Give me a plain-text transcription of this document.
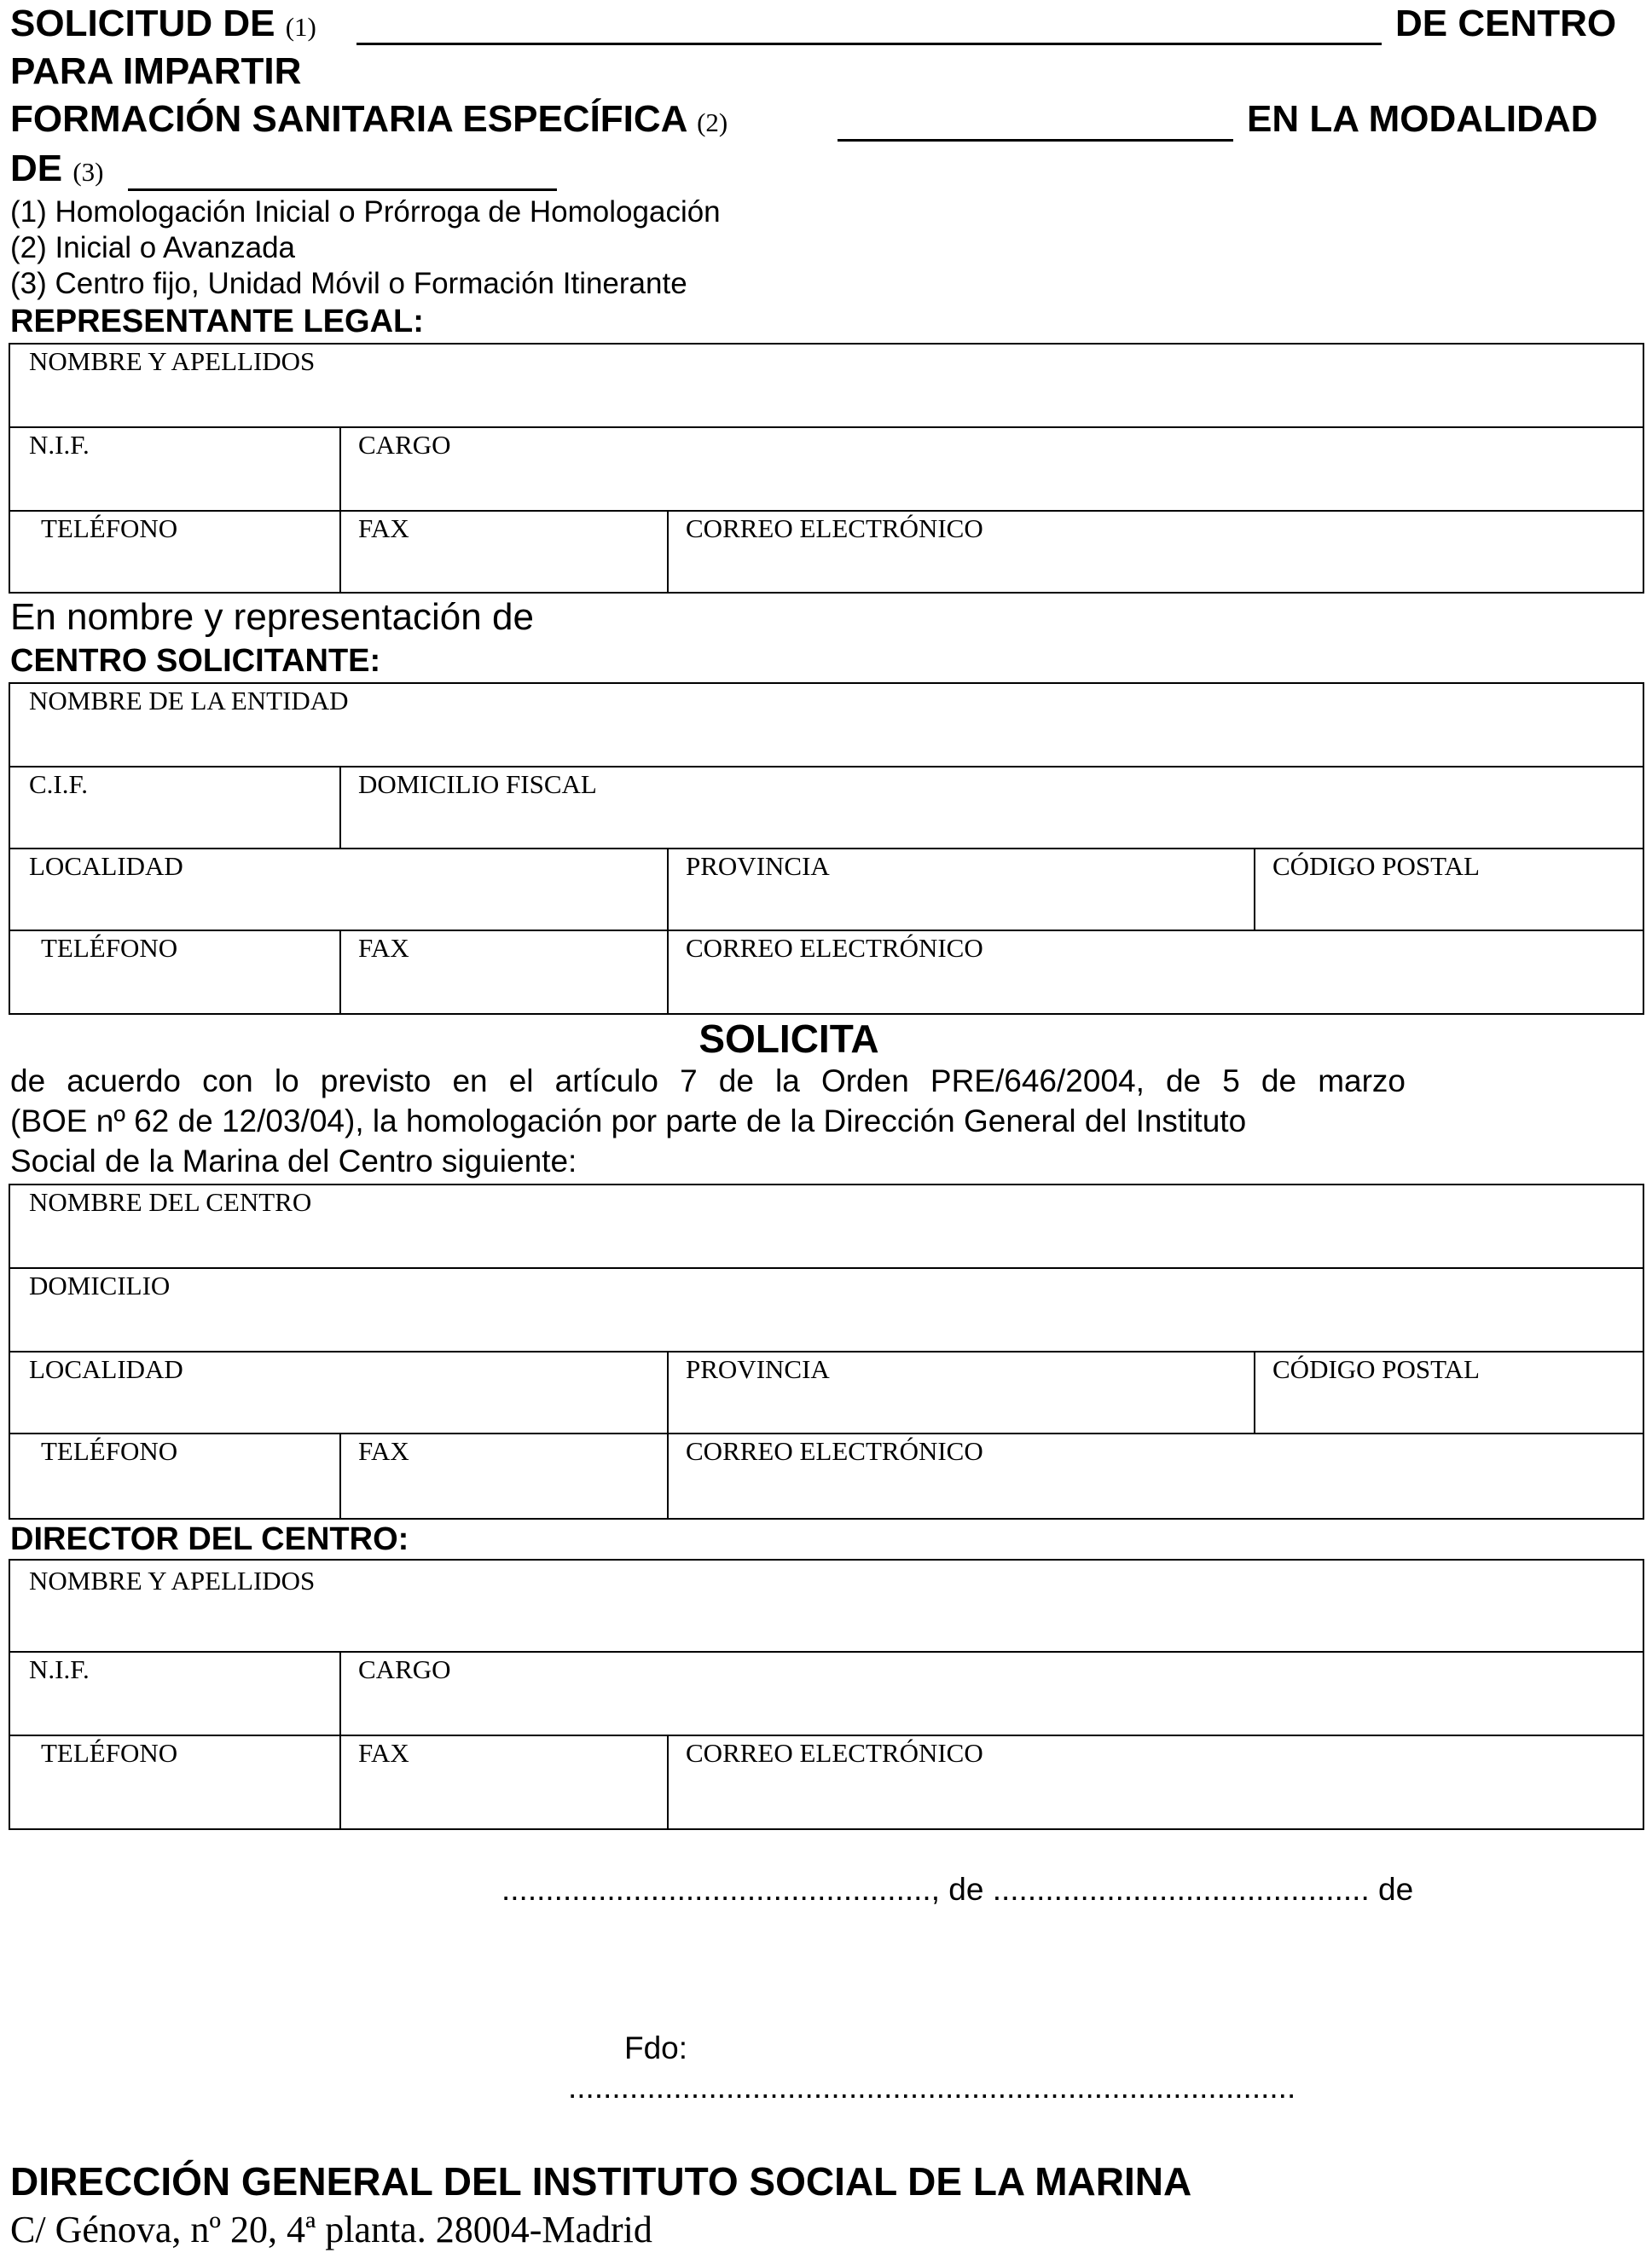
SOLICITUD DE (1)	DE CENTRO
PARA IMPARTIR
FORMACIÓN SANITARIA ESPECÍFICA (2)	EN LA MODALIDAD
DE (3)
(1) Homologación Inicial o Prórroga de Homologación
(2) Inicial o Avanzada
(3) Centro fijo, Unidad Móvil o Formación Itinerante
REPRESENTANTE LEGAL:
NOMBRE Y APELLIDOS
N.I.F.	CARGO
TELÉFONO	FAX	CORREO ELECTRÓNICO
En nombre y representación de
CENTRO SOLICITANTE:
NOMBRE DE LA ENTIDAD
C.I.F.	DOMICILIO FISCAL
LOCALIDAD	PROVINCIA	CÓDIGO POSTAL
TELÉFONO	FAX	CORREO ELECTRÓNICO
SOLICITA
de acuerdo con lo previsto en el artículo 7 de la Orden PRE/646/2004, de 5 de marzo
(BOE nº 62 de 12/03/04), la homologación por parte de la Dirección General del Instituto
Social de la Marina del Centro siguiente:
NOMBRE DEL CENTRO
DOMICILIO
LOCALIDAD	PROVINCIA	CÓDIGO POSTAL
TELÉFONO	FAX	CORREO ELECTRÓNICO
DIRECTOR DEL CENTRO:
NOMBRE Y APELLIDOS
N.I.F.	CARGO
TELÉFONO	FAX	CORREO ELECTRÓNICO
................................................., de ........................................... de
Fdo:
...................................................................................
DIRECCIÓN GENERAL DEL INSTITUTO SOCIAL DE LA MARINA
C/ Génova, nº 20, 4ª planta. 28004-Madrid
